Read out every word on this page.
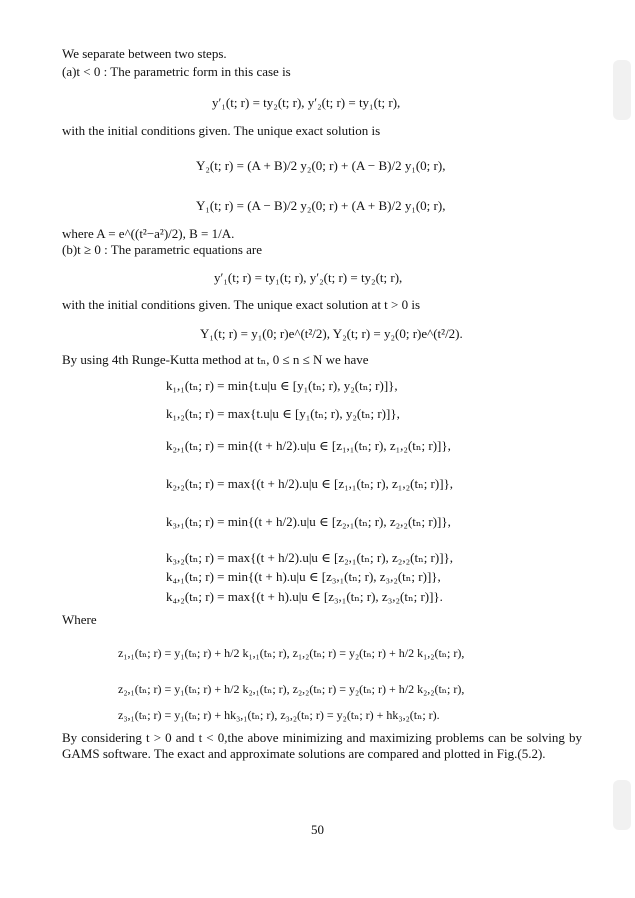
We separate between two steps.
(a)t < 0 : The parametric form in this case is
y′₁(t; r) = ty₂(t; r), y′₂(t; r) = ty₁(t; r),
with the initial conditions given. The unique exact solution is
Y₂(t; r) = (A + B)/2 y₂(0; r) + (A − B)/2 y₁(0; r),
Y₁(t; r) = (A − B)/2 y₂(0; r) + (A + B)/2 y₁(0; r),
where A = e^((t²−a²)/2), B = 1/A.
(b)t ≥ 0 : The parametric equations are
y′₁(t; r) = ty₁(t; r), y′₂(t; r) = ty₂(t; r),
with the initial conditions given. The unique exact solution at t > 0 is
Y₁(t; r) = y₁(0; r)e^(t²/2), Y₂(t; r) = y₂(0; r)e^(t²/2).
By using 4th Runge-Kutta method at tₙ, 0 ≤ n ≤ N we have
k₁,₁(tₙ; r) = min{t.u|u ∈ [y₁(tₙ; r), y₂(tₙ; r)]},
k₁,₂(tₙ; r) = max{t.u|u ∈ [y₁(tₙ; r), y₂(tₙ; r)]},
k₂,₁(tₙ; r) = min{(t + h/2).u|u ∈ [z₁,₁(tₙ; r), z₁,₂(tₙ; r)]},
k₂,₂(tₙ; r) = max{(t + h/2).u|u ∈ [z₁,₁(tₙ; r), z₁,₂(tₙ; r)]},
k₃,₁(tₙ; r) = min{(t + h/2).u|u ∈ [z₂,₁(tₙ; r), z₂,₂(tₙ; r)]},
k₃,₂(tₙ; r) = max{(t + h/2).u|u ∈ [z₂,₁(tₙ; r), z₂,₂(tₙ; r)]},
k₄,₁(tₙ; r) = min{(t + h).u|u ∈ [z₃,₁(tₙ; r), z₃,₂(tₙ; r)]},
k₄,₂(tₙ; r) = max{(t + h).u|u ∈ [z₃,₁(tₙ; r), z₃,₂(tₙ; r)]}.
Where
z₁,₁(tₙ; r) = y₁(tₙ; r) + h/2 k₁,₁(tₙ; r), z₁,₂(tₙ; r) = y₂(tₙ; r) + h/2 k₁,₂(tₙ; r),
z₂,₁(tₙ; r) = y₁(tₙ; r) + h/2 k₂,₁(tₙ; r), z₂,₂(tₙ; r) = y₂(tₙ; r) + h/2 k₂,₂(tₙ; r),
z₃,₁(tₙ; r) = y₁(tₙ; r) + hk₃,₁(tₙ; r), z₃,₂(tₙ; r) = y₂(tₙ; r) + hk₃,₂(tₙ; r).
By considering t > 0 and t < 0,the above minimizing and maximizing problems can be solving by GAMS software. The exact and approximate solutions are compared and plotted in Fig.(5.2).
50
